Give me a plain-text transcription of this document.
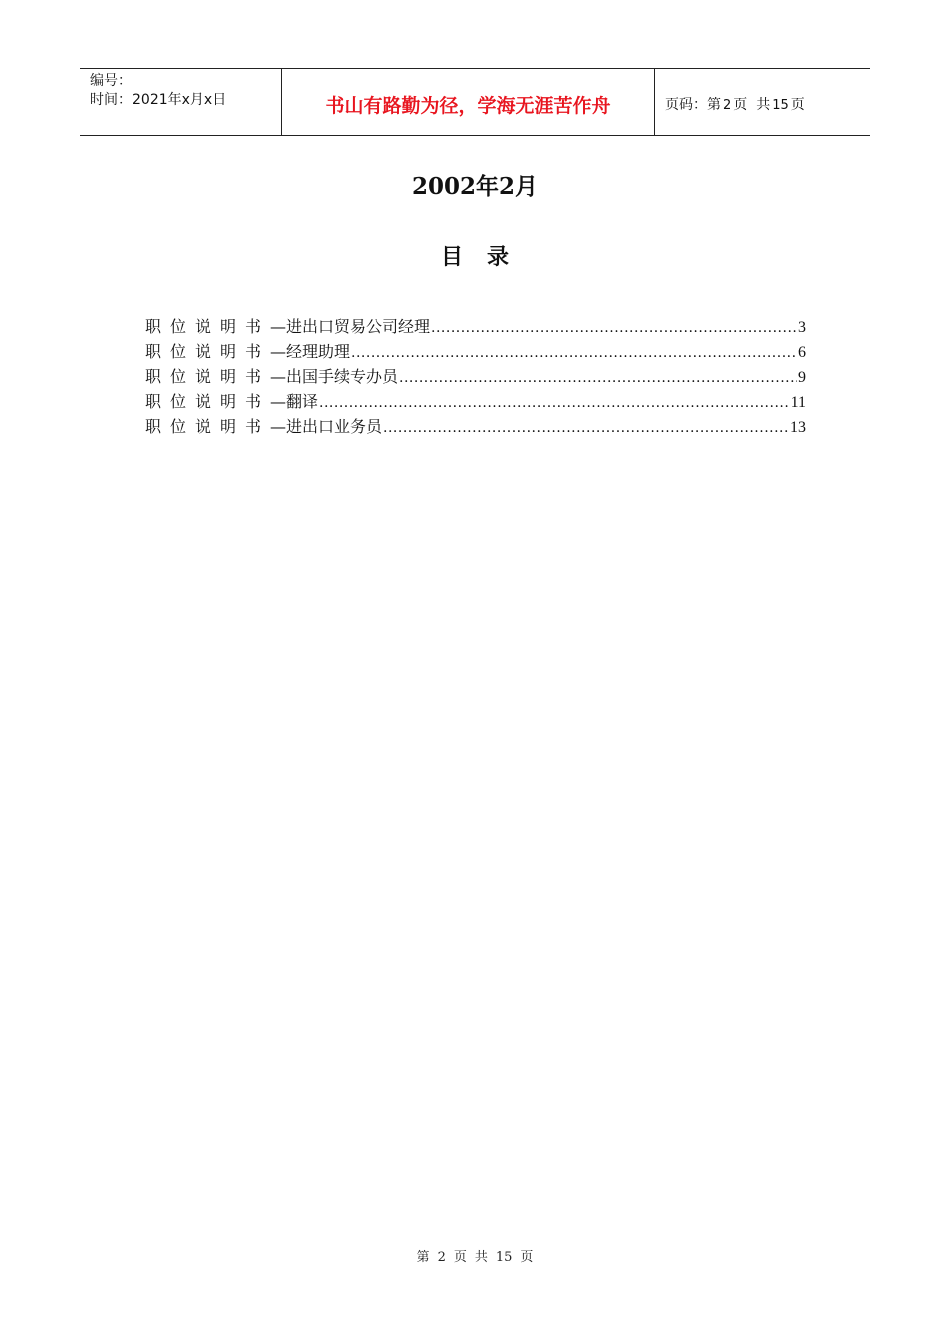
编号：
时间：2021年x月x日	书山有路勤为径，学海无涯苦作舟	页码：第 2 页 共 15 页
2002年2月
目录
职位说明书 —进出口贸易公司经理 .....	3
职位说明书 —经理助理 .....	6
职位说明书 —出国手续专办员 .....	9
职位说明书 —翻译 .....	11
职位说明书 —进出口业务员 .....	13
第 2 页 共 15 页
